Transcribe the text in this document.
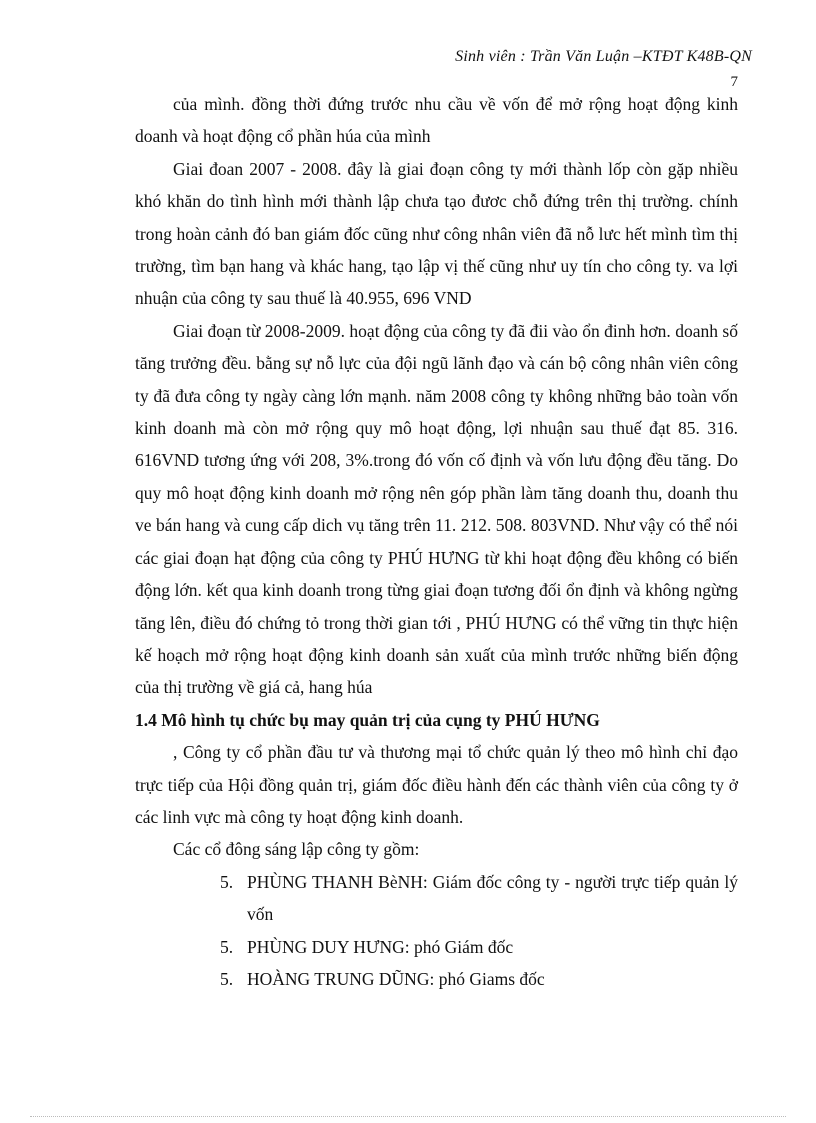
Sinh viên : Trần Văn Luận –KTĐT K48B-QN
7

của mình. đồng thời đứng trước nhu cầu về vốn để mở rộng hoạt động kinh doanh và hoạt động cổ phần húa của mình

Giai đoan 2007 - 2008. đây là giai đoạn công ty mới thành lốp còn gặp nhiều khó khăn do tình hình mới thành lập chưa tạo đươc chỗ đứng trên thị trường. chính trong hoàn cảnh đó ban giám đốc cũng như công nhân viên đã nỗ lưc hết mình tìm thị trường, tìm bạn hang và khác hang, tạo lập vị thế cũng như uy tín cho công ty. va lợi nhuận của công ty sau thuế là 40.955, 696 VND

Giai đoạn từ 2008-2009. hoạt động của công ty đã đii vào ổn đinh hơn. doanh số tăng trưởng đều. bằng sự nỗ lực của đội ngũ lãnh đạo và cán bộ công nhân viên công ty đã đưa công ty ngày càng lớn mạnh. năm 2008 công ty không những bảo toàn vốn kinh doanh mà còn mở rộng quy mô hoạt động, lợi nhuận sau thuế đạt 85. 316. 616VND tương ứng với 208, 3%.trong đó vốn cố định và vốn lưu động đều tăng. Do quy mô hoạt động kinh doanh mở rộng nên góp phần làm tăng doanh thu, doanh thu ve bán hang và cung cấp dich vụ tăng trên 11. 212. 508. 803VND. Như vậy có thể nói các giai đoạn hạt động của công ty PHÚ HƯNG từ khi hoạt động đều không có biến động lớn. kết qua kinh doanh trong từng giai đoạn tương đối ổn định và không ngừng tăng lên, điều đó chứng tỏ trong thời gian tới , PHÚ HƯNG có thể vững tin thực hiện kế hoạch mở rộng hoạt động kinh doanh sản xuất của mình trước những biến động của thị trường về giá cả, hang húa

1.4 Mô hình tụ chức bụ may quản trị của cụng ty PHÚ HƯNG

, Công ty cổ phần đầu tư và thương mại tổ chức quản lý theo mô hình chỉ đạo trực tiếp của Hội đồng quản trị, giám đốc điều hành đến các thành viên của công ty ở các linh vực mà công ty hoạt động kinh doanh.

Các cổ đông sáng lập công ty gồm:

5. PHÙNG THANH BèNH: Giám đốc công ty - người trực tiếp quản lý vốn
5. PHÙNG DUY HƯNG: phó Giám đốc
5. HOÀNG TRUNG DŨNG: phó Giams đốc
